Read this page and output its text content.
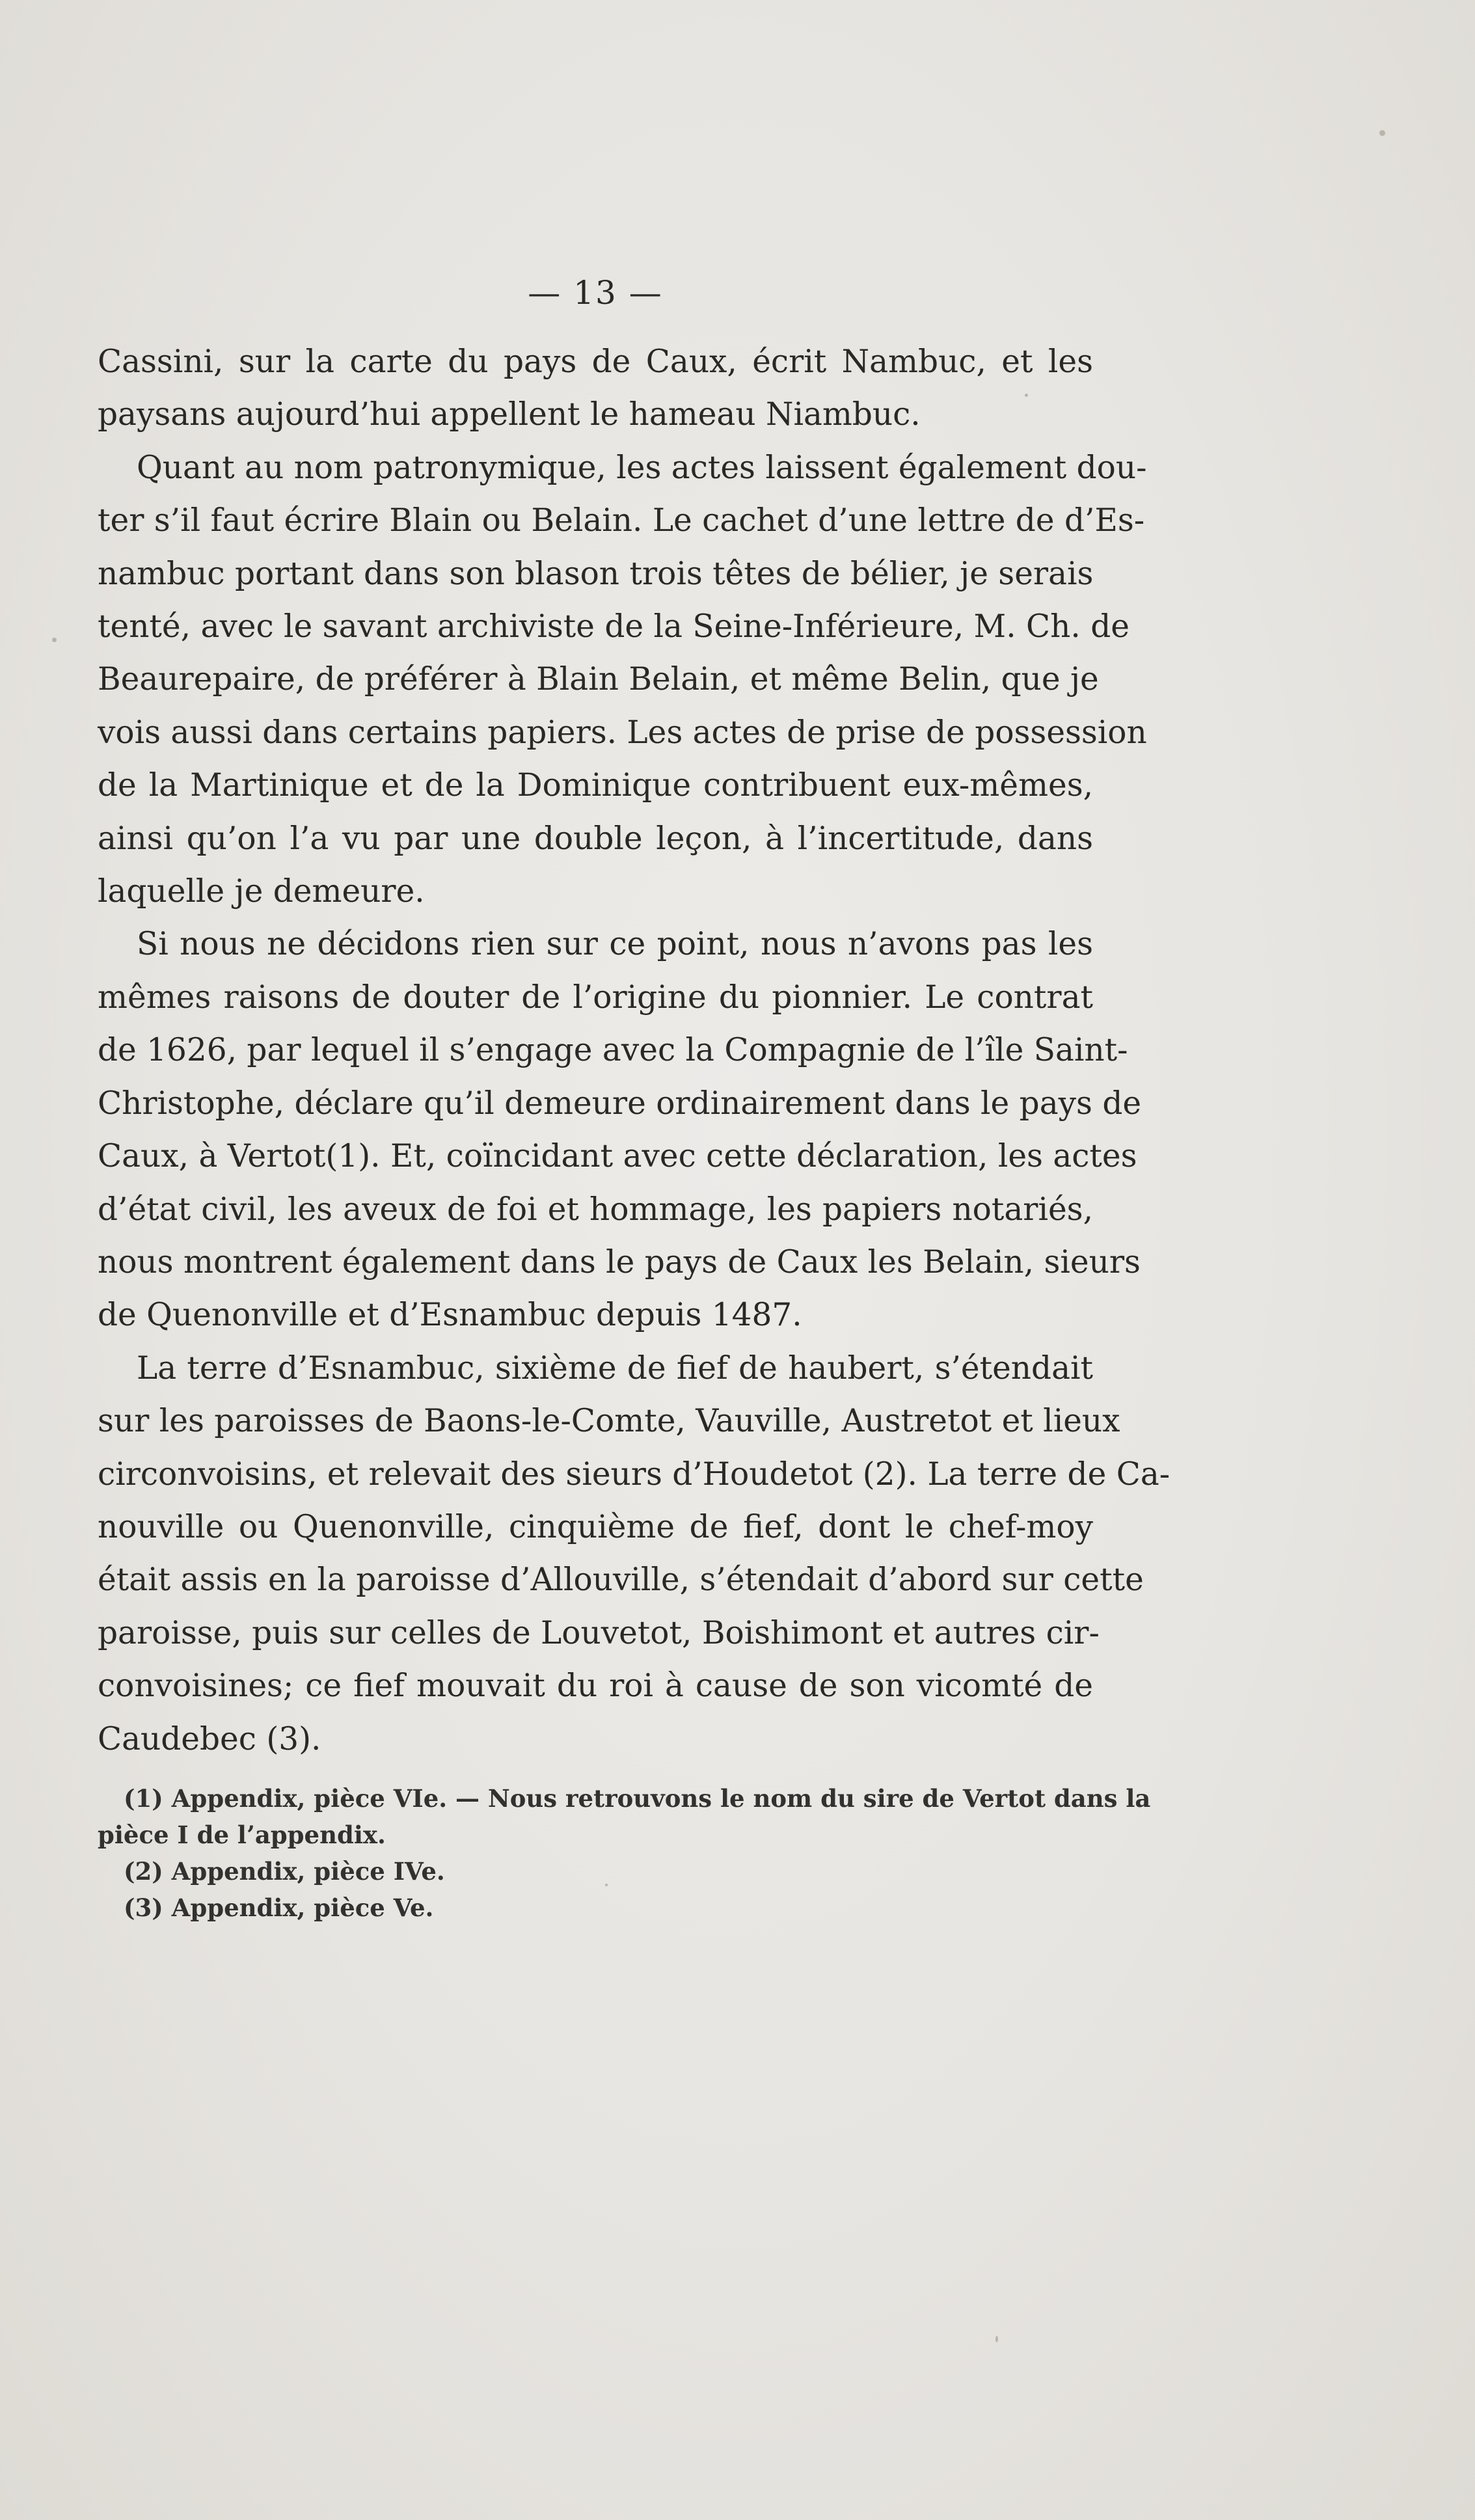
— 13 —

Cassini, sur la carte du pays de Caux, écrit Nambuc, et les
paysans aujourd’hui appellent le hameau Niambuc.

Quant au nom patronymique, les actes laissent également dou-
ter s’il faut écrire Blain ou Belain. Le cachet d’une lettre de d’Es-
nambuc portant dans son blason trois têtes de bélier, je serais
tenté, avec le savant archiviste de la Seine-Inférieure, M. Ch. de
Beaurepaire, de préférer à Blain Belain, et même Belin, que je
vois aussi dans certains papiers. Les actes de prise de possession
de la Martinique et de la Dominique contribuent eux-mêmes,
ainsi qu’on l’a vu par une double leçon, à l’incertitude, dans
laquelle je demeure.

Si nous ne décidons rien sur ce point, nous n’avons pas les
mêmes raisons de douter de l’origine du pionnier. Le contrat
de 1626, par lequel il s’engage avec la Compagnie de l’île Saint-
Christophe, déclare qu’il demeure ordinairement dans le pays de
Caux, à Vertot(1). Et, coïncidant avec cette déclaration, les actes
d’état civil, les aveux de foi et hommage, les papiers notariés,
nous montrent également dans le pays de Caux les Belain, sieurs
de Quenonville et d’Esnambuc depuis 1487.

La terre d’Esnambuc, sixième de fief de haubert, s’étendait
sur les paroisses de Baons-le-Comte, Vauville, Austretot et lieux
circonvoisins, et relevait des sieurs d’Houdetot (2). La terre de Ca-
nouville ou Quenonville, cinquième de fief, dont le chef-moy
était assis en la paroisse d’Allouville, s’étendait d’abord sur cette
paroisse, puis sur celles de Louvetot, Boishimont et autres cir-
convoisines; ce fief mouvait du roi à cause de son vicomté de
Caudebec (3).

(1) Appendix, pièce VIe. — Nous retrouvons le nom du sire de Vertot dans la
pièce I de l’appendix.
(2) Appendix, pièce IVe.
(3) Appendix, pièce Ve.
